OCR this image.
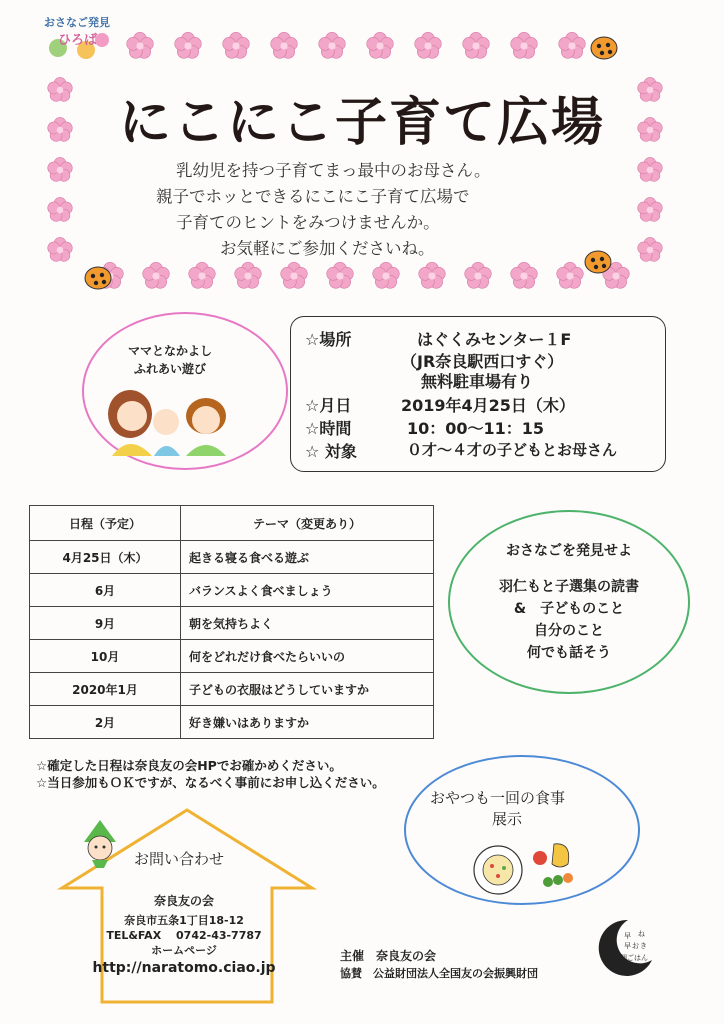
おさなご発見
ひろば
にこにこ子育て広場
乳幼児を持つ子育てまっ最中のお母さん。
親子でホッとできるにこにこ子育て広場で
子育てのヒントをみつけませんか。
お気軽にご参加くださいね。
ママとなかよし
ふれあい遊び
☆場所	はぐくみセンター１F
（JR奈良駅西口すぐ）
無料駐車場有り
☆月日	2019年4月25日（木）
☆時間	10：00～11：15
☆ 対象	０才～４才の子どもとお母さん
日程（予定）	テーマ（変更あり）
4月25日（木）	起きる寝る食べる遊ぶ
6月	バランスよく食べましょう
9月	朝を気持ちよく
10月	何をどれだけ食べたらいいの
2020年1月	子どもの衣服はどうしていますか
2月	好き嫌いはありますか
おさなごを発見せよ
羽仁もと子選集の読書
&　子どものこと
自分のこと
何でも話そう
☆確定した日程は奈良友の会HPでお確かめください。
☆当日参加もＯＫですが、なるべく事前にお申し込ください。
おやつも一回の食事
展示
お問い合わせ
奈良友の会
奈良市五条1丁目18-12
TEL&FAX　 0742-43-7787
ホームページ
http://naratomo.ciao.jp
主催　奈良友の会
協賛　公益財団法人全国友の会振興財団
早 ね
早 お き
朝ごはん
